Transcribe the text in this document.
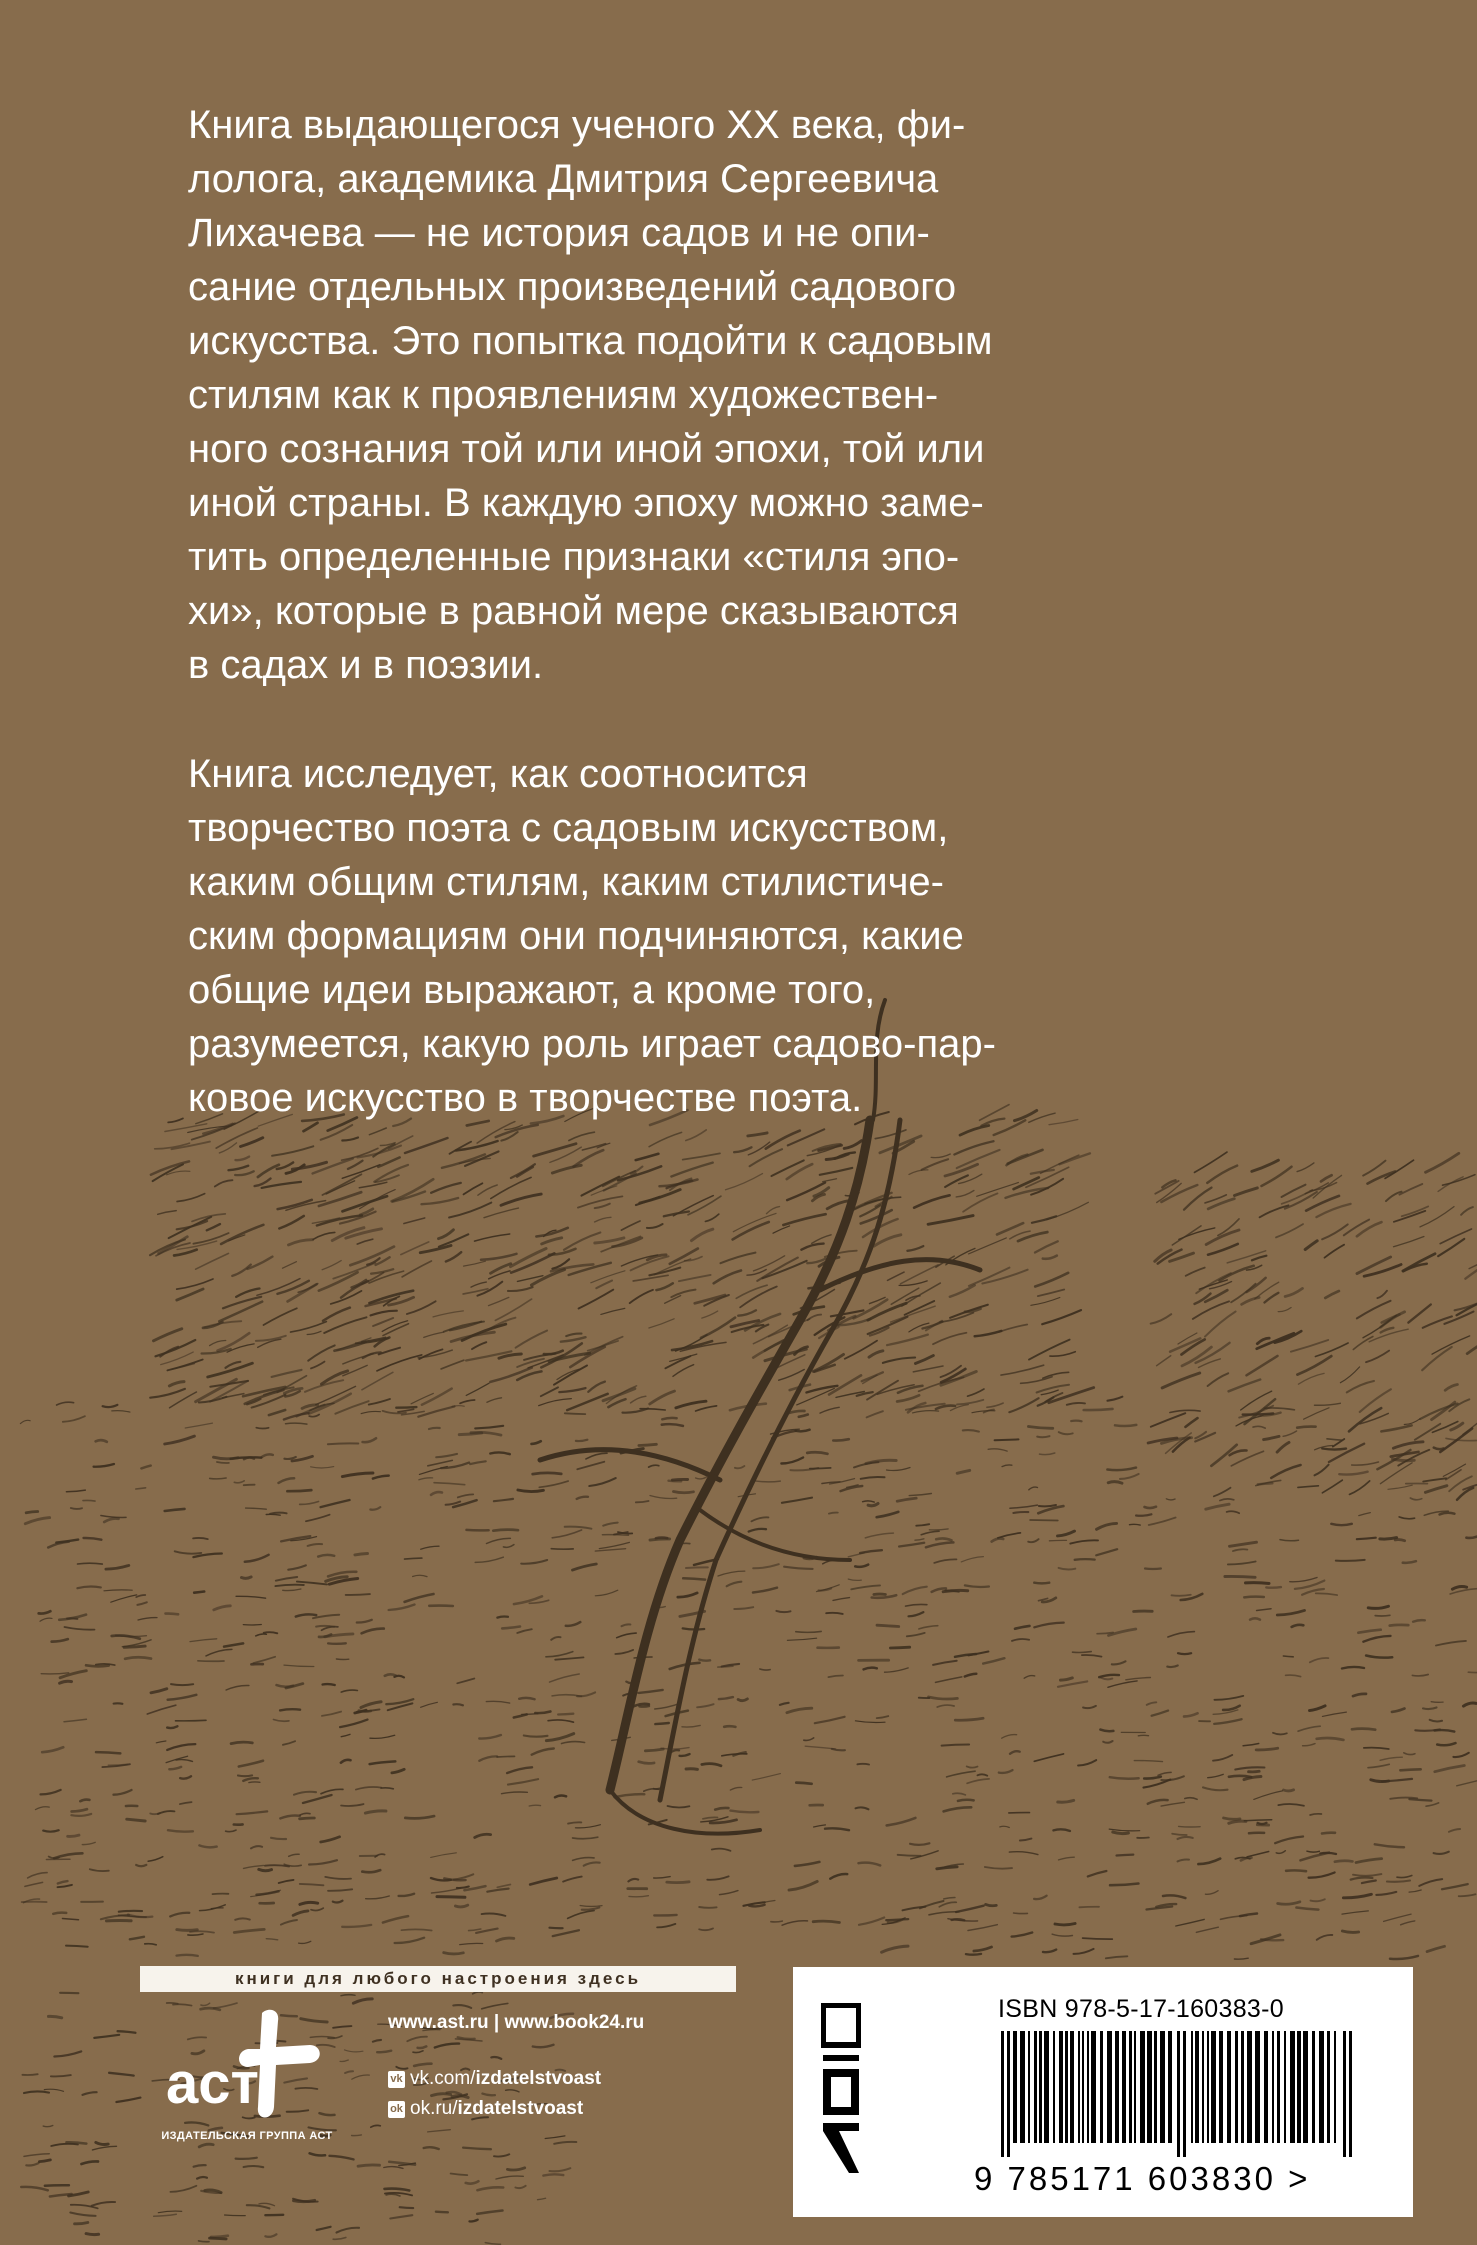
Книга выдающегося ученого XX века, фи-
лолога, академика Дмитрия Сергеевича
Лихачева — не история садов и не опи-
сание отдельных произведений садового
искусства. Это попытка подойти к садовым
стилям как к проявлениям художествен-
ного сознания той или иной эпохи, той или
иной страны. В каждую эпоху можно заме-
тить определенные признаки «стиля эпо-
хи», которые в равной мере сказываются
в садах и в поэзии.
Книга исследует, как соотносится
творчество поэта с садовым искусством,
каким общим стилям, каким стилистиче-
ским формациям они подчиняются, какие
общие идеи выражают, а кроме того,
разумеется, какую роль играет садово-пар-
ковое искусство в творчестве поэта.
книги для любого настроения здесь
аст
ИЗДАТЕЛЬСКАЯ ГРУППА АСТ
www.ast.ru | www.book24.ru
vk vk.com/ izdatelstvoast
ok ok.ru/ izdatelstvoast
ISBN 978-5-17-160383-0
9 785171 603830 >
